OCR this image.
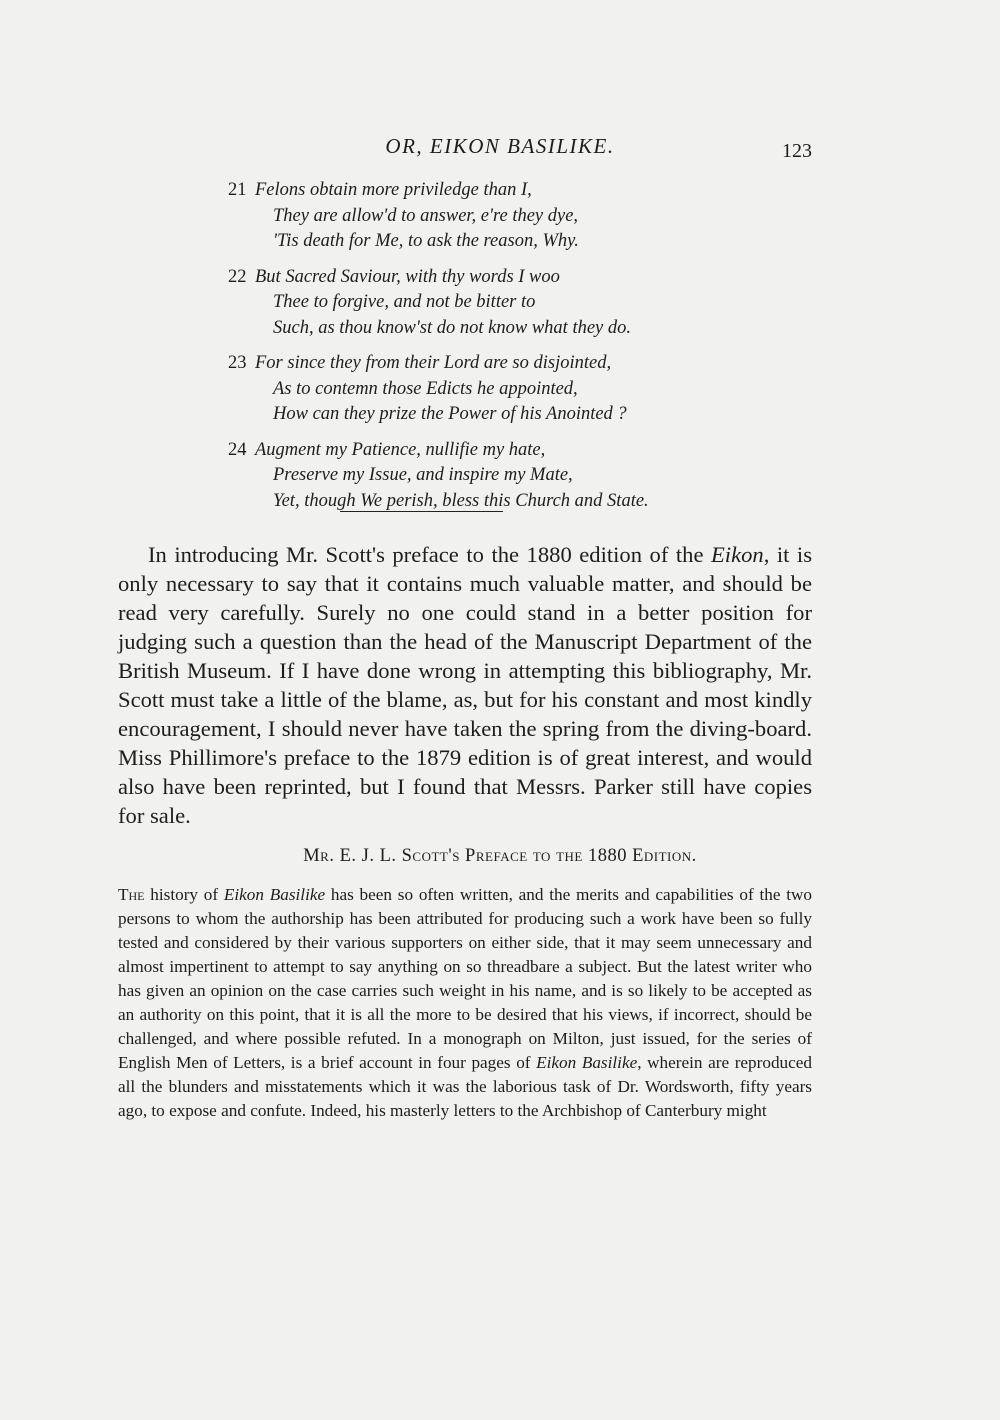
OR, EIKON BASILIKE.	123
21 Felons obtain more priviledge than I,
They are allow'd to answer, e're they dye,
'Tis death for Me, to ask the reason, Why.
22 But Sacred Saviour, with thy words I woo
Thee to forgive, and not be bitter to
Such, as thou know'st do not know what they do.
23 For since they from their Lord are so disjointed,
As to contemn those Edicts he appointed,
How can they prize the Power of his Anointed ?
24 Augment my Patience, nullifie my hate,
Preserve my Issue, and inspire my Mate,
Yet, though We perish, bless this Church and State.

In introducing Mr. Scott's preface to the 1880 edition of the Eikon, it is only necessary to say that it contains much valuable matter, and should be read very carefully. Surely no one could stand in a better position for judging such a question than the head of the Manuscript Department of the British Museum. If I have done wrong in attempting this bibliography, Mr. Scott must take a little of the blame, as, but for his constant and most kindly encouragement, I should never have taken the spring from the diving-board. Miss Phillimore's preface to the 1879 edition is of great interest, and would also have been reprinted, but I found that Messrs. Parker still have copies for sale.

Mr. E. J. L. Scott's Preface to the 1880 Edition.

The history of Eikon Basilike has been so often written, and the merits and capabilities of the two persons to whom the authorship has been attributed for producing such a work have been so fully tested and considered by their various supporters on either side, that it may seem unnecessary and almost impertinent to attempt to say anything on so threadbare a subject. But the latest writer who has given an opinion on the case carries such weight in his name, and is so likely to be accepted as an authority on this point, that it is all the more to be desired that his views, if incorrect, should be challenged, and where possible refuted. In a monograph on Milton, just issued, for the series of English Men of Letters, is a brief account in four pages of Eikon Basilike, wherein are reproduced all the blunders and misstatements which it was the laborious task of Dr. Wordsworth, fifty years ago, to expose and confute. Indeed, his masterly letters to the Archbishop of Canterbury might
